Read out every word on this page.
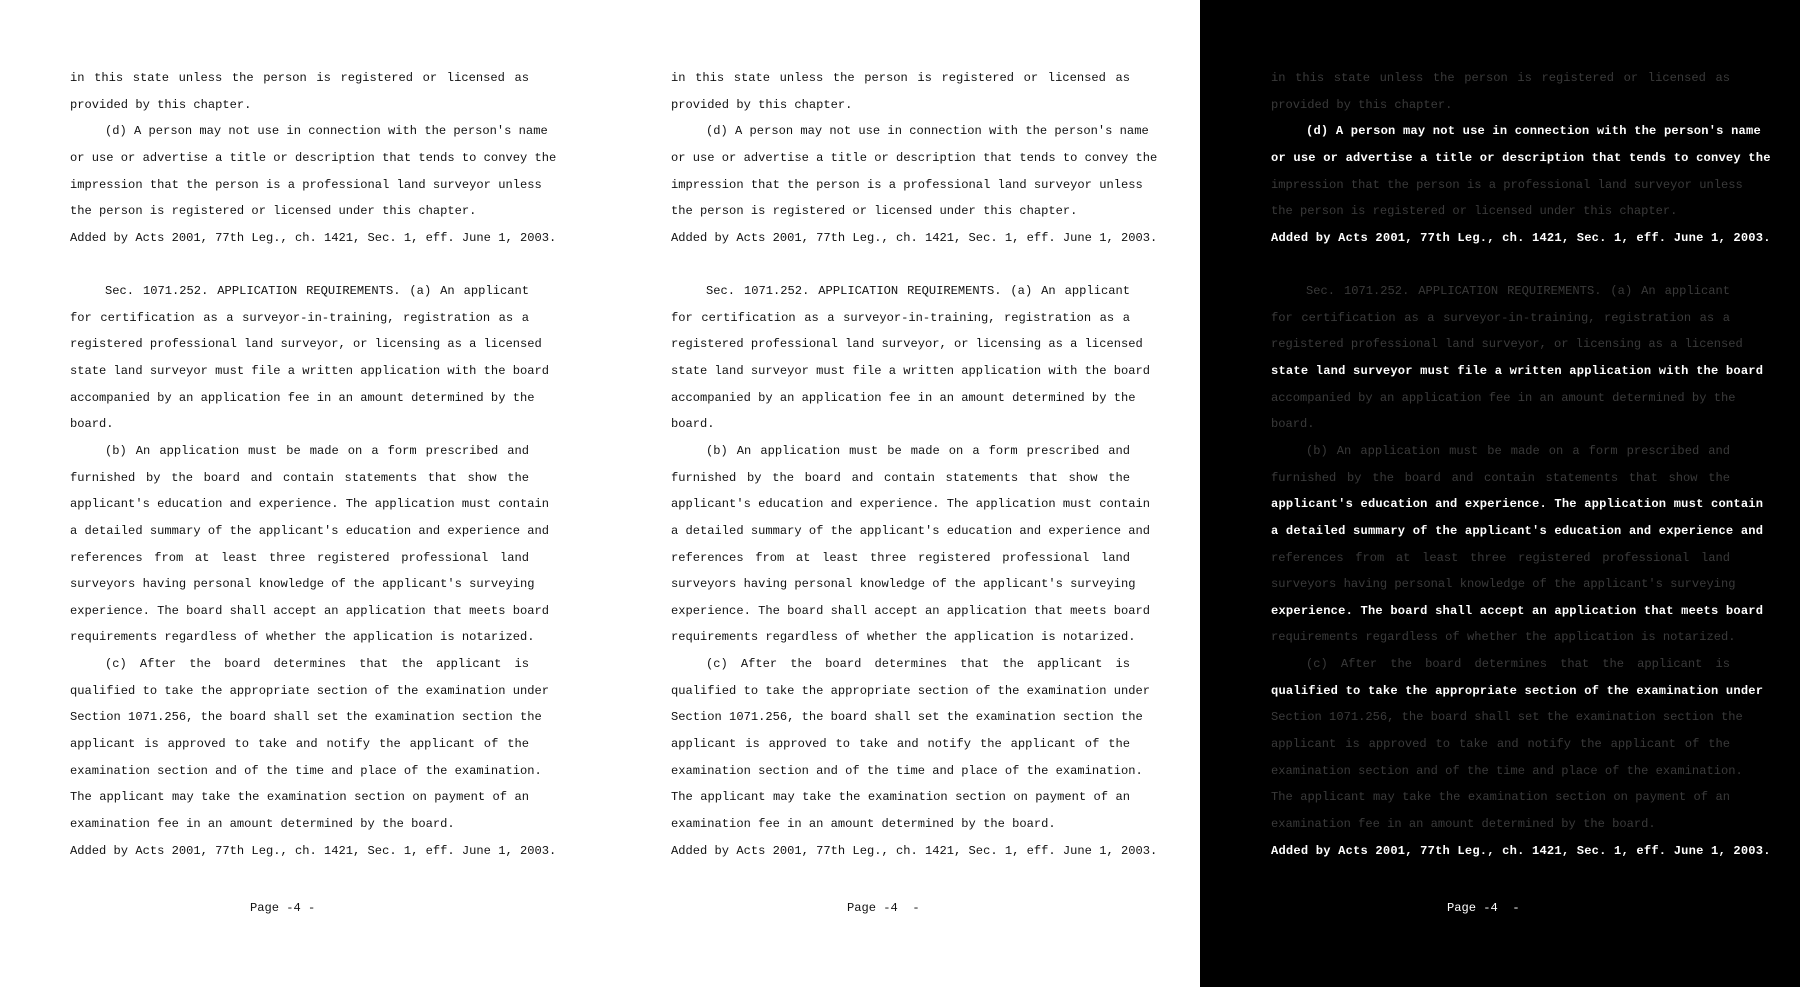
in this state unless the person is registered or licensed as
provided by this chapter.
(d) A person may not use in connection with the person's name
or use or advertise a title or description that tends to convey the
impression that the person is a professional land surveyor unless
the person is registered or licensed under this chapter.
Added by Acts 2001, 77th Leg., ch. 1421, Sec. 1, eff. June 1, 2003.
Sec. 1071.252. APPLICATION REQUIREMENTS. (a) An applicant
for certification as a surveyor-in-training, registration as a
registered professional land surveyor, or licensing as a licensed
state land surveyor must file a written application with the board
accompanied by an application fee in an amount determined by the
board.
(b) An application must be made on a form prescribed and
furnished by the board and contain statements that show the
applicant's education and experience. The application must contain
a detailed summary of the applicant's education and experience and
references from at least three registered professional land
surveyors having personal knowledge of the applicant's surveying
experience. The board shall accept an application that meets board
requirements regardless of whether the application is notarized.
(c) After the board determines that the applicant is
qualified to take the appropriate section of the examination under
Section 1071.256, the board shall set the examination section the
applicant is approved to take and notify the applicant of the
examination section and of the time and place of the examination.
The applicant may take the examination section on payment of an
examination fee in an amount determined by the board.
Added by Acts 2001, 77th Leg., ch. 1421, Sec. 1, eff. June 1, 2003.
Page -4 -
in this state unless the person is registered or licensed as
provided by this chapter.
(d) A person may not use in connection with the person's name
or use or advertise a title or description that tends to convey the
impression that the person is a professional land surveyor unless
the person is registered or licensed under this chapter.
Added by Acts 2001, 77th Leg., ch. 1421, Sec. 1, eff. June 1, 2003.
Sec. 1071.252. APPLICATION REQUIREMENTS. (a) An applicant
for certification as a surveyor-in-training, registration as a
registered professional land surveyor, or licensing as a licensed
state land surveyor must file a written application with the board
accompanied by an application fee in an amount determined by the
board.
(b) An application must be made on a form prescribed and
furnished by the board and contain statements that show the
applicant's education and experience. The application must contain
a detailed summary of the applicant's education and experience and
references from at least three registered professional land
surveyors having personal knowledge of the applicant's surveying
experience. The board shall accept an application that meets board
requirements regardless of whether the application is notarized.
(c) After the board determines that the applicant is
qualified to take the appropriate section of the examination under
Section 1071.256, the board shall set the examination section the
applicant is approved to take and notify the applicant of the
examination section and of the time and place of the examination.
The applicant may take the examination section on payment of an
examination fee in an amount determined by the board.
Added by Acts 2001, 77th Leg., ch. 1421, Sec. 1, eff. June 1, 2003.
Page -4  -
in this state unless the person is registered or licensed as
provided by this chapter.
(d) A person may not use in connection with the person's name
or use or advertise a title or description that tends to convey the
impression that the person is a professional land surveyor unless
the person is registered or licensed under this chapter.
Added by Acts 2001, 77th Leg., ch. 1421, Sec. 1, eff. June 1, 2003.
Sec. 1071.252. APPLICATION REQUIREMENTS. (a) An applicant
for certification as a surveyor-in-training, registration as a
registered professional land surveyor, or licensing as a licensed
state land surveyor must file a written application with the board
accompanied by an application fee in an amount determined by the
board.
(b) An application must be made on a form prescribed and
furnished by the board and contain statements that show the
applicant's education and experience. The application must contain
a detailed summary of the applicant's education and experience and
references from at least three registered professional land
surveyors having personal knowledge of the applicant's surveying
experience. The board shall accept an application that meets board
requirements regardless of whether the application is notarized.
(c) After the board determines that the applicant is
qualified to take the appropriate section of the examination under
Section 1071.256, the board shall set the examination section the
applicant is approved to take and notify the applicant of the
examination section and of the time and place of the examination.
The applicant may take the examination section on payment of an
examination fee in an amount determined by the board.
Added by Acts 2001, 77th Leg., ch. 1421, Sec. 1, eff. June 1, 2003.
Page -4  -
